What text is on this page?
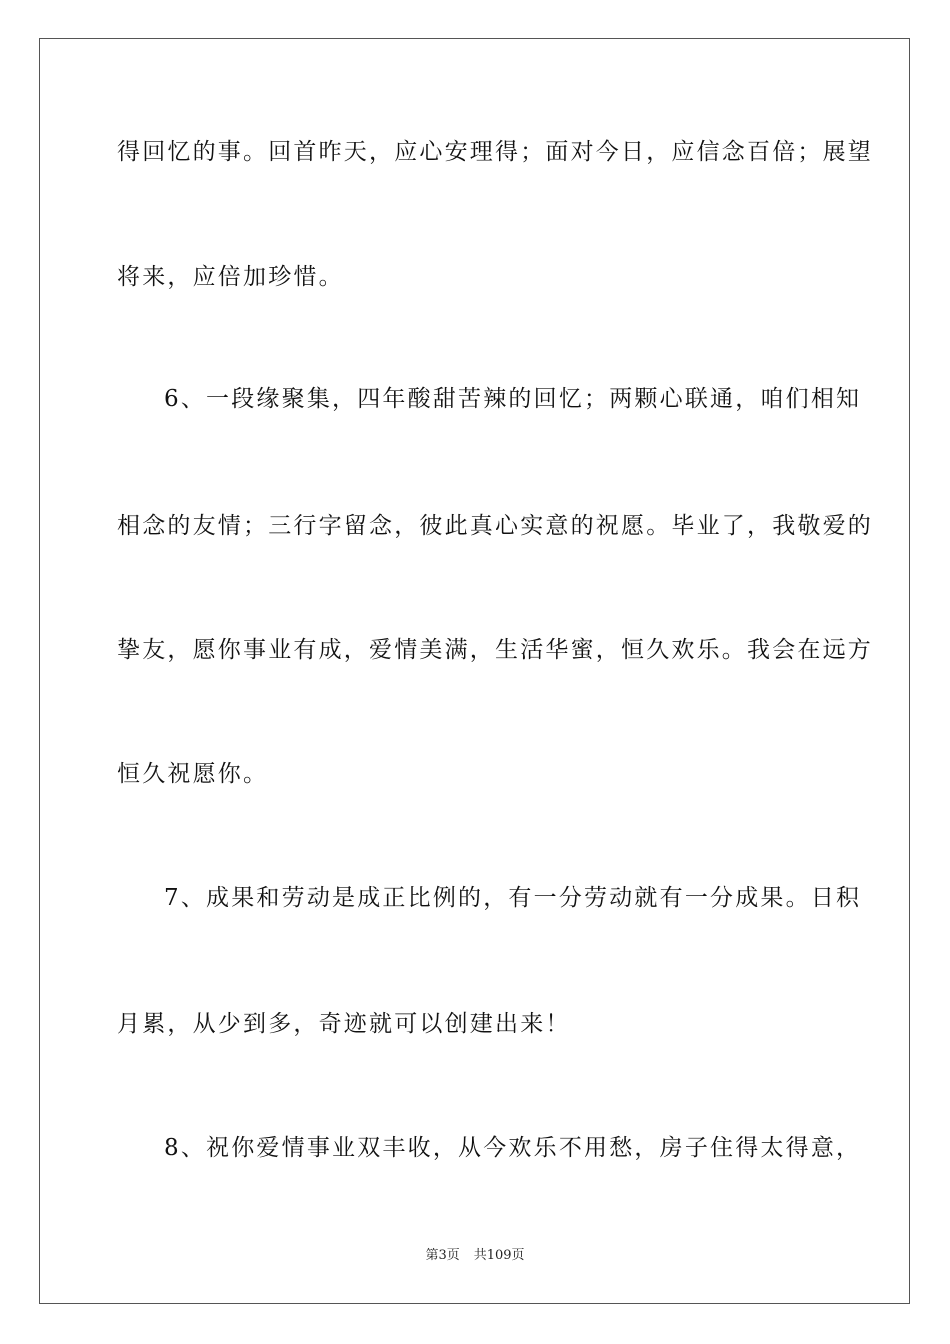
得回忆的事。回首昨天，应心安理得；面对今日，应信念百倍；展望
将来，应倍加珍惜。
6、一段缘聚集，四年酸甜苦辣的回忆；两颗心联通，咱们相知
相念的友情；三行字留念，彼此真心实意的祝愿。毕业了，我敬爱的
挚友，愿你事业有成，爱情美满，生活华蜜，恒久欢乐。我会在远方
恒久祝愿你。
7、成果和劳动是成正比例的，有一分劳动就有一分成果。日积
月累，从少到多，奇迹就可以创建出来！
8、祝你爱情事业双丰收，从今欢乐不用愁，房子住得太得意，
第3页 共109页
